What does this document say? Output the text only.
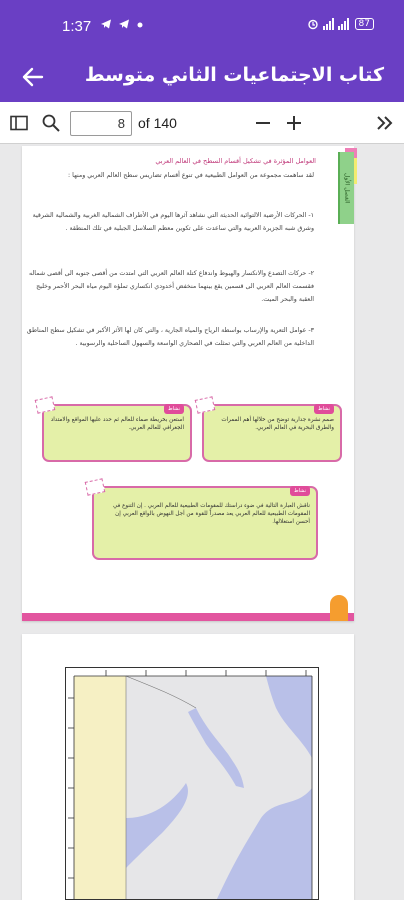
1:37	87
كتاب الاجتماعيات الثاني متوسط
8
of 140
العوامل المؤثرة في تشكيل أقسام السطح في العالم العربي
لقد ساهمت مجموعة من العوامل الطبيعية في تنوع أقسام تضاريس سطح العالم العربي ومنها :
١- الحركات الأرضية الالتوائية الحديثة التي نشاهد آثرها اليوم في الأطراف الشمالية الغربية والشمالية الشرقية وشرق شبه الجزيرة العربية والتي ساعدت على تكوين معظم السلاسل الجبلية في تلك المنطقة .
٢- حركات التصدع والانكسار والهبوط واندفاع كتلة العالم العربي التي امتدت من أقصى جنوبه الى أقصى شماله فقسمت العالم العربي الى قسمين يقع بينهما منخفض أخدودي انكساري تملؤه اليوم مياه البحر الأحمر وخليج العقبة والبحر الميت.
٣- عوامل التعرية والإرساب بواسطة الرياح والمياه الجارية ، والتي كان لها الأثر الأكبر في تشكيل سطح المناطق الداخلية من العالم العربي والتي تمثلت في الصحاري الواسعة والسهول الساحلية والرسوبية .
نشاط
صمم نشرة جدارية توضح من خلالها أهم الممرات والطرق البحرية في العالم العربي.
نشاط
استعن بخريطة صماء للعالم ثم حدد عليها المواقع والامتداد الجغرافي للعالم العربي.
نشاط
ناقش العبارة التالية في ضوء دراستك للمقومات الطبيعية للعالم العربي . إن التنوع في المقومات الطبيعية للعالم العربي يعد مصدراً للقوة من أجل النهوض بالواقع العربي إن أحسن استغلالها.
الفصل الأول
